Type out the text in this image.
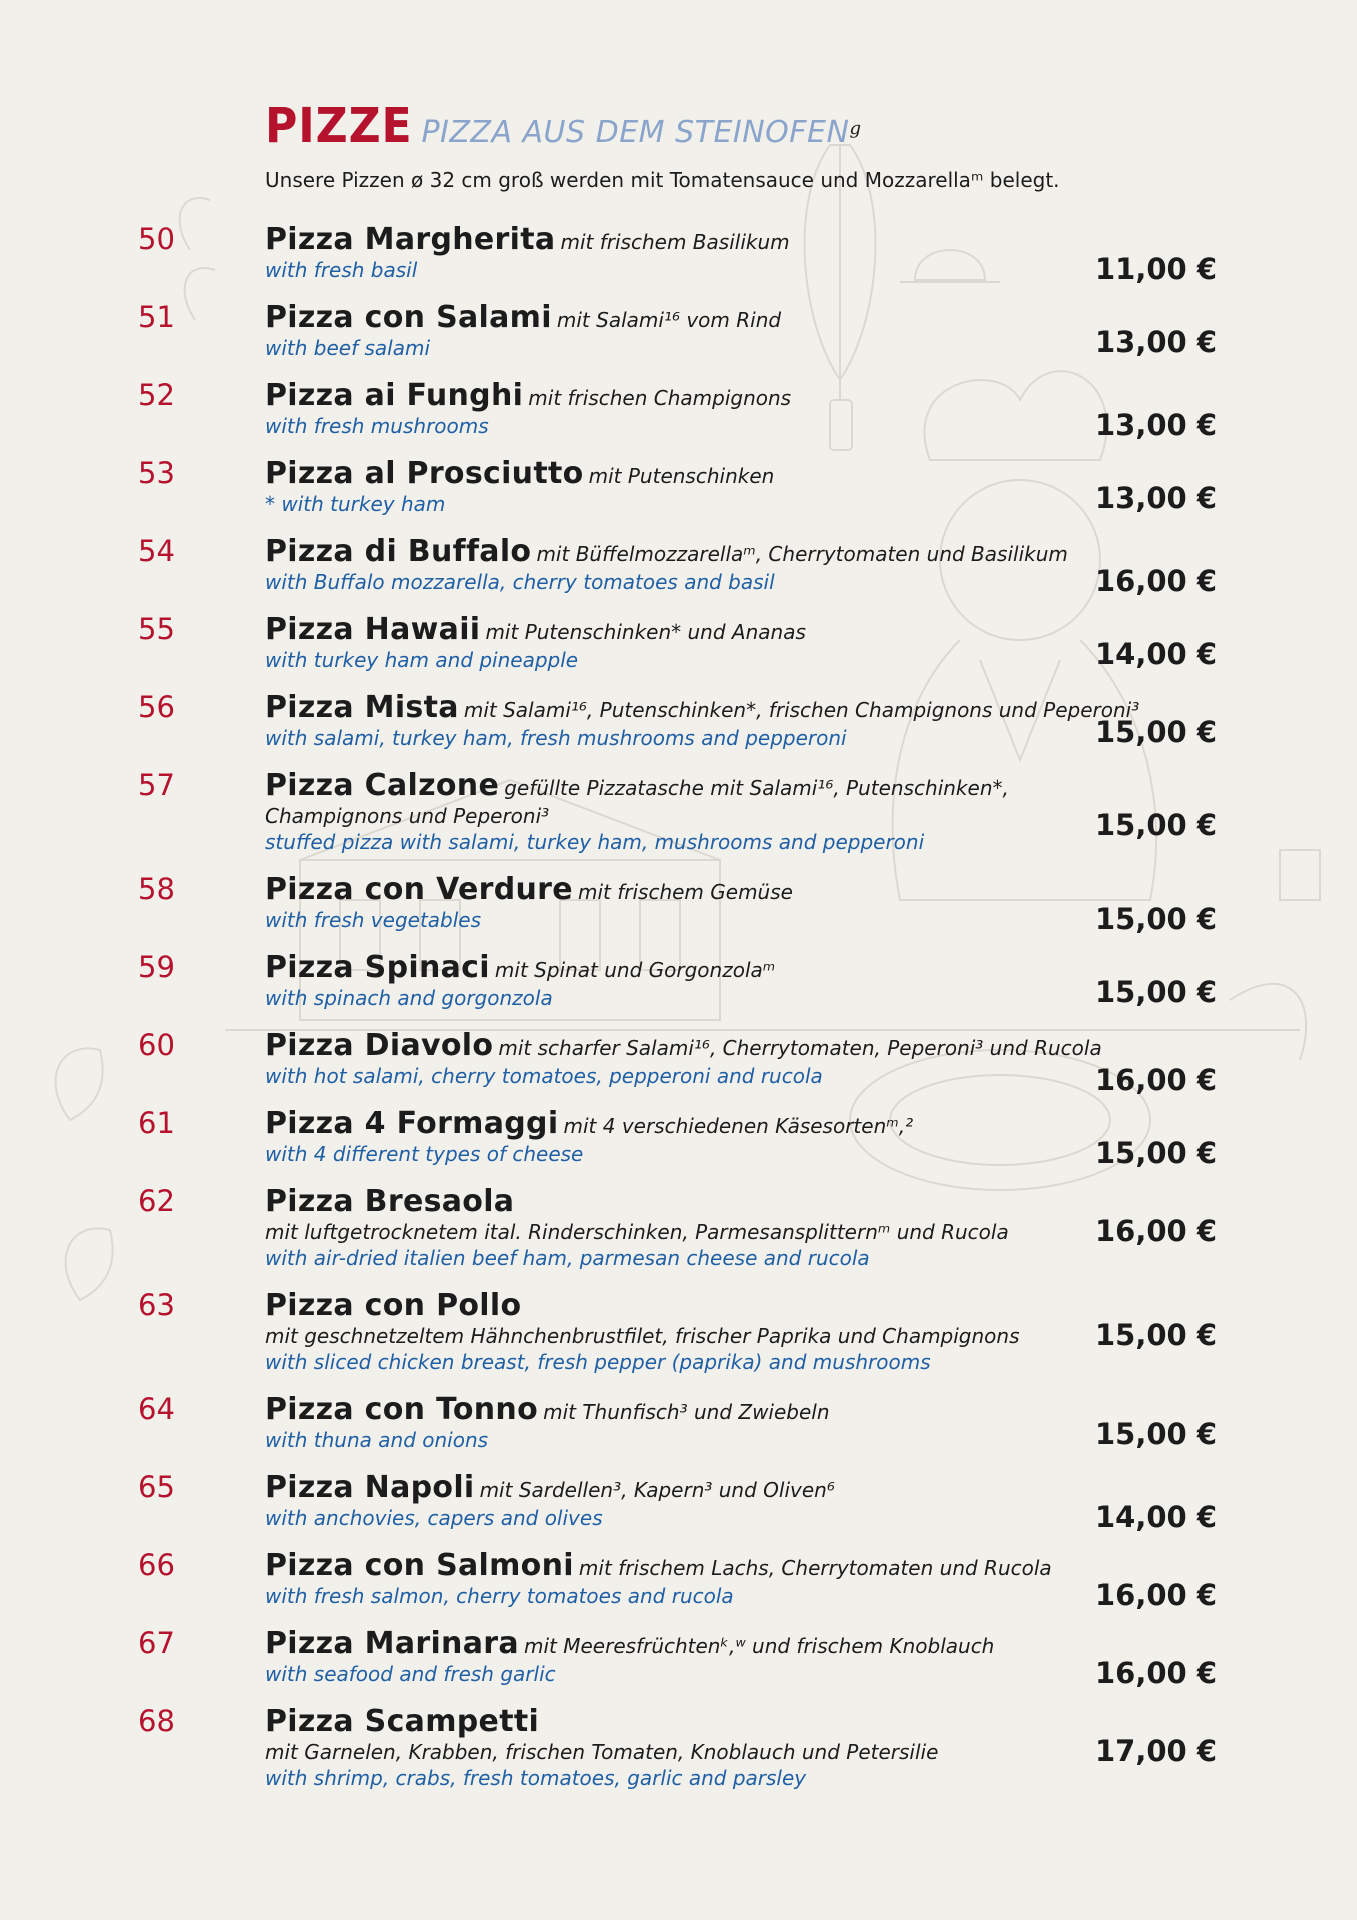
PIZZE PIZZA AUS DEM STEINOFEN g
Unsere Pizzen ø 32 cm groß werden mit Tomatensauce und Mozzarellaᵐ belegt.
50	Pizza Margherita mit frischem Basilikum
with fresh basil	11,00 €
51	Pizza con Salami mit Salami¹⁶ vom Rind
with beef salami	13,00 €
52	Pizza ai Funghi mit frischen Champignons
with fresh mushrooms	13,00 €
53	Pizza al Prosciutto mit Putenschinken
* with turkey ham	13,00 €
54	Pizza di Buffalo mit Büffelmozzarellaᵐ, Cherrytomaten und Basilikum
with Buffalo mozzarella, cherry tomatoes and basil	16,00 €
55	Pizza Hawaii mit Putenschinken* und Ananas
with turkey ham and pineapple	14,00 €
56	Pizza Mista mit Salami¹⁶, Putenschinken*, frischen Champignons und Peperoni³
with salami, turkey ham, fresh mushrooms and pepperoni	15,00 €
57	Pizza Calzone gefüllte Pizzatasche mit Salami¹⁶, Putenschinken*,
Champignons und Peperoni³
stuffed pizza with salami, turkey ham, mushrooms and pepperoni	15,00 €
58	Pizza con Verdure mit frischem Gemüse
with fresh vegetables	15,00 €
59	Pizza Spinaci mit Spinat und Gorgonzolaᵐ
with spinach and gorgonzola	15,00 €
60	Pizza Diavolo mit scharfer Salami¹⁶, Cherrytomaten, Peperoni³ und Rucola
with hot salami, cherry tomatoes, pepperoni and rucola	16,00 €
61	Pizza 4 Formaggi mit 4 verschiedenen Käsesortenᵐ,²
with 4 different types of cheese	15,00 €
62	Pizza Bresaola
mit luftgetrocknetem ital. Rinderschinken, Parmesansplitternᵐ und Rucola
with air-dried italien beef ham, parmesan cheese and rucola
16,00 €
63	Pizza con Pollo
mit geschnetzeltem Hähnchenbrustfilet, frischer Paprika und Champignons
with sliced chicken breast, fresh pepper (paprika) and mushrooms
15,00 €
64	Pizza con Tonno mit Thunfisch³ und Zwiebeln
with thuna and onions	15,00 €
65	Pizza Napoli mit Sardellen³, Kapern³ und Oliven⁶
with anchovies, capers and olives	14,00 €
66	Pizza con Salmoni mit frischem Lachs, Cherrytomaten und Rucola
with fresh salmon, cherry tomatoes and rucola	16,00 €
67	Pizza Marinara mit Meeresfrüchtenᵏ,ʷ und frischem Knoblauch
with seafood and fresh garlic	16,00 €
68	Pizza Scampetti
mit Garnelen, Krabben, frischen Tomaten, Knoblauch und Petersilie
with shrimp, crabs, fresh tomatoes, garlic and parsley
17,00 €
